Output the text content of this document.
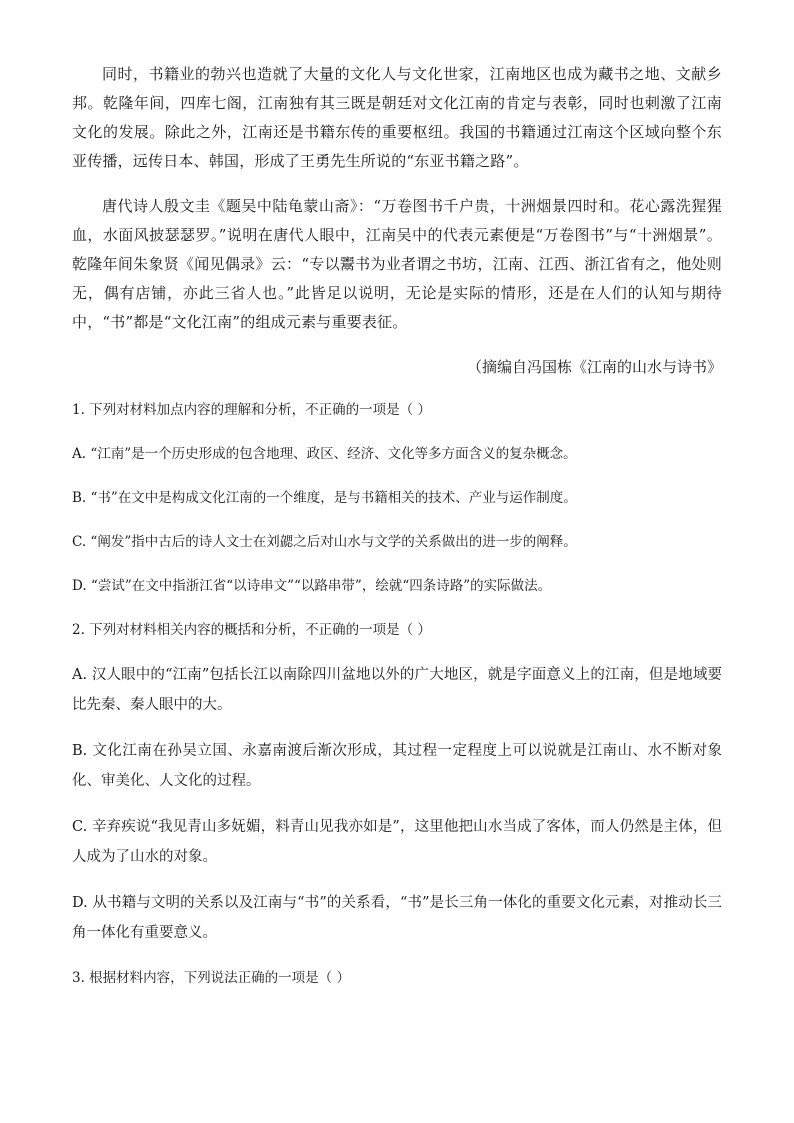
同时，书籍业的勃兴也造就了大量的文化人与文化世家，江南地区也成为藏书之地、文献乡邦。乾隆年间，四库七阁，江南独有其三既是朝廷对文化江南的肯定与表彰，同时也刺激了江南文化的发展。除此之外，江南还是书籍东传的重要枢纽。我国的书籍通过江南这个区域向整个东亚传播，远传日本、韩国，形成了王勇先生所说的“东亚书籍之路”。

唐代诗人殷文圭《题吴中陆龟蒙山斋》：“万卷图书千户贵，十洲烟景四时和。花心露洗猩猩血，水面风披瑟瑟罗。”说明在唐代人眼中，江南吴中的代表元素便是“万卷图书”与“十洲烟景”。乾隆年间朱象贤《闻见偶录》云：“专以鬻书为业者谓之书坊，江南、江西、浙江省有之，他处则无，偶有店铺，亦此三省人也。”此皆足以说明，无论是实际的情形，还是在人们的认知与期待中，“书”都是“文化江南”的组成元素与重要表征。

（摘编自冯国栋《江南的山水与诗书》

1. 下列对材料加点内容的理解和分析，不正确的一项是（ ）

A. “江南”是一个历史形成的包含地理、政区、经济、文化等多方面含义的复杂概念。

B. “书”在文中是构成文化江南的一个维度，是与书籍相关的技术、产业与运作制度。

C. “阐发”指中古后的诗人文士在刘勰之后对山水与文学的关系做出的进一步的阐释。

D. “尝试”在文中指浙江省“以诗串文”“以路串带”，绘就“四条诗路”的实际做法。

2. 下列对材料相关内容的概括和分析，不正确的一项是（ ）

A. 汉人眼中的“江南”包括长江以南除四川盆地以外的广大地区，就是字面意义上的江南，但是地域要比先秦、秦人眼中的大。

B. 文化江南在孙吴立国、永嘉南渡后渐次形成，其过程一定程度上可以说就是江南山、水不断对象化、审美化、人文化的过程。

C. 辛弃疾说“我见青山多妩媚，料青山见我亦如是”，这里他把山水当成了客体，而人仍然是主体，但人成为了山水的对象。

D. 从书籍与文明的关系以及江南与“书”的关系看，“书”是长三角一体化的重要文化元素，对推动长三角一体化有重要意义。

3. 根据材料内容，下列说法正确的一项是（ ）
